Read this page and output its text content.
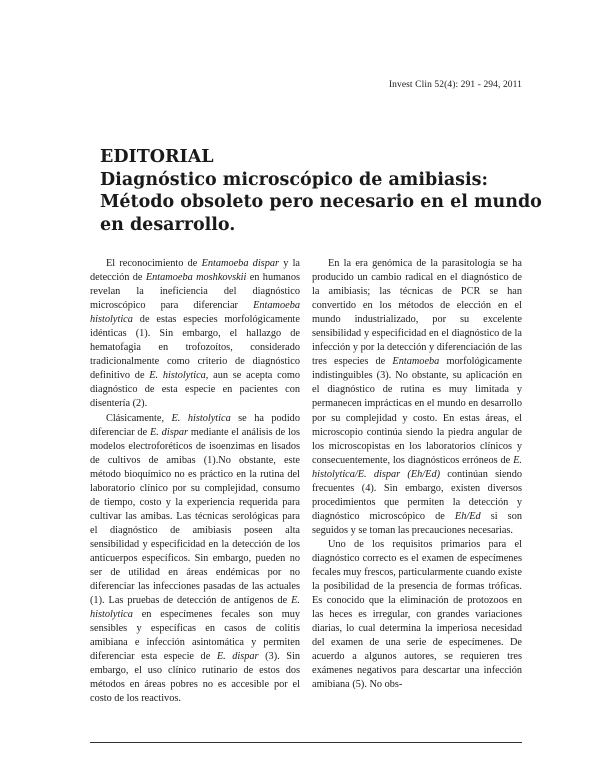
Invest Clin 52(4): 291 - 294, 2011
EDITORIAL
Diagnóstico microscópico de amibiasis:
Método obsoleto pero necesario en el mundo
en desarrollo.

El reconocimiento de Entamoeba dispar y la detección de Entamoeba moshkovskii en humanos revelan la ineficiencia del diagnóstico microscópico para diferenciar Entamoeba histolytica de estas especies morfológicamente idénticas (1). Sin embargo, el hallazgo de hematofagia en trofozoítos, considerado tradicionalmente como criterio de diagnóstico definitivo de E. histolytica, aun se acepta como diagnóstico de esta especie en pacientes con disentería (2).

Clásicamente, E. histolytica se ha podido diferenciar de E. dispar mediante el análisis de los modelos electroforéticos de isoenzimas en lisados de cultivos de amibas (1).No obstante, este método bioquímico no es práctico en la rutina del laboratorio clínico por su complejidad, consumo de tiempo, costo y la experiencia requerida para cultivar las amibas. Las técnicas serológicas para el diagnóstico de amibiasis poseen alta sensibilidad y especificidad en la detección de los anticuerpos específicos. Sin embargo, pueden no ser de utilidad en áreas endémicas por no diferenciar las infecciones pasadas de las actuales (1). Las pruebas de detección de antígenos de E. histolytica en especímenes fecales son muy sensibles y específicas en casos de colitis amibiana e infección asintomática y permiten diferenciar esta especie de E. dispar (3). Sin embargo, el uso clínico rutinario de estos dos métodos en áreas pobres no es accesible por el costo de los reactivos.

En la era genómica de la parasitología se ha producido un cambio radical en el diagnóstico de la amibiasis; las técnicas de PCR se han convertido en los métodos de elección en el mundo industrializado, por su excelente sensibilidad y especificidad en el diagnóstico de la infección y por la detección y diferenciación de las tres especies de Entamoeba morfológicamente indistinguibles (3). No obstante, su aplicación en el diagnóstico de rutina es muy limitada y permanecen imprácticas en el mundo en desarrollo por su complejidad y costo. En estas áreas, el microscopio continúa siendo la piedra angular de los microscopistas en los laboratorios clínicos y consecuentemente, los diagnósticos erróneos de E. histolytica/E. dispar (Eh/Ed) continúan siendo frecuentes (4). Sin embargo, existen diversos procedimientos que permiten la detección y diagnóstico microscópico de Eh/Ed si son seguidos y se toman las precauciones necesarias.

Uno de los requisitos primarios para el diagnóstico correcto es el examen de especímenes fecales muy frescos, particularmente cuando existe la posibilidad de la presencia de formas tróficas. Es conocido que la eliminación de protozoos en las heces es irregular, con grandes variaciones diarias, lo cual determina la imperiosa necesidad del examen de una serie de especímenes. De acuerdo a algunos autores, se requieren tres exámenes negativos para descartar una infección amibiana (5). No obs-
